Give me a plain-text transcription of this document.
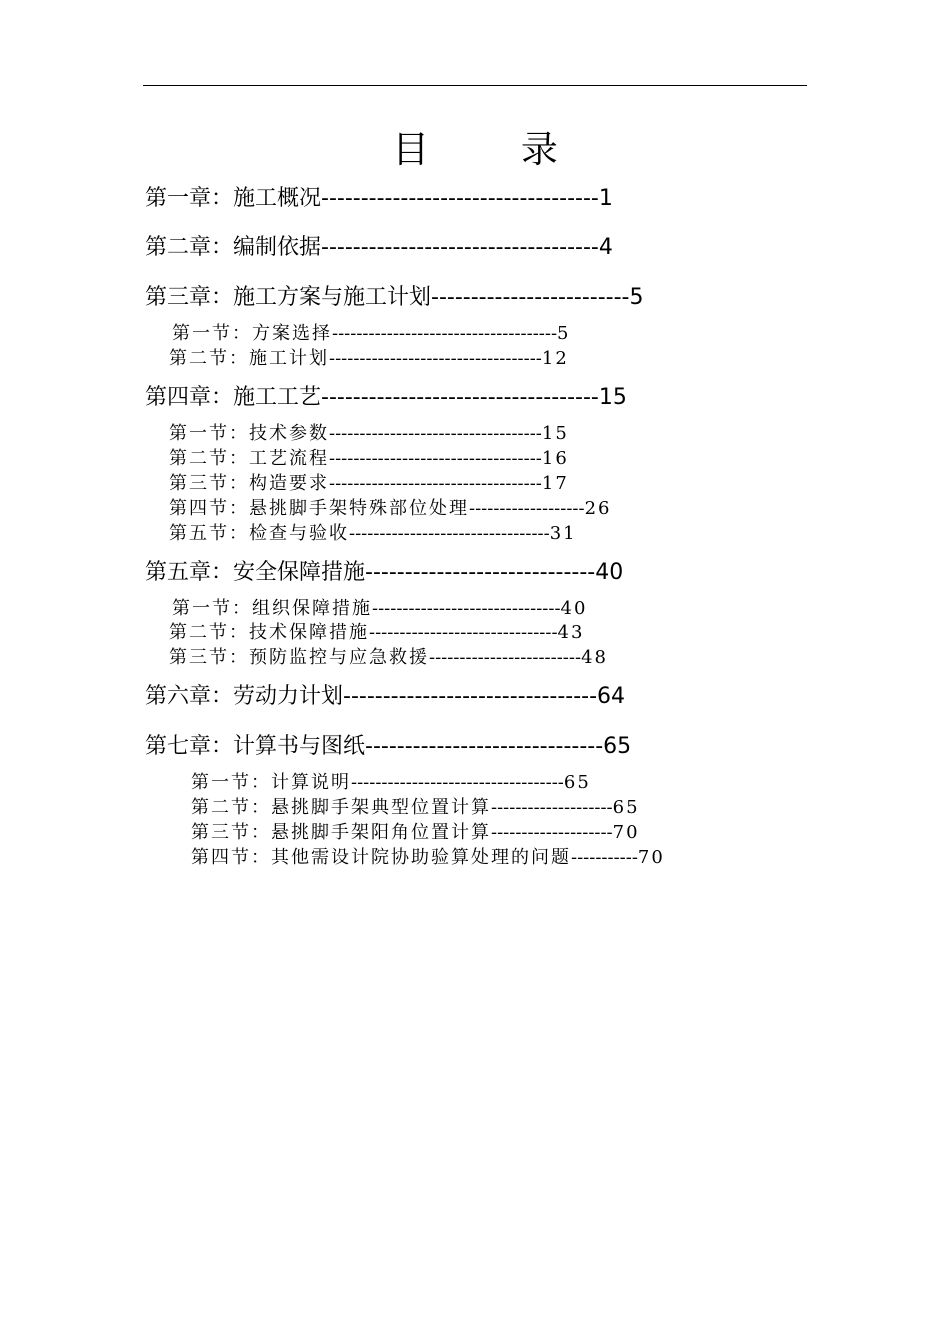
目 录
第一章：施工概况-----------------------------------1
第二章：编制依据-----------------------------------4
第三章：施工方案与施工计划-------------------------5
第一节：方案选择-------------------------------------5
第二节：施工计划-----------------------------------12
第四章：施工工艺-----------------------------------15
第一节：技术参数-----------------------------------15
第二节：工艺流程-----------------------------------16
第三节：构造要求-----------------------------------17
第四节：悬挑脚手架特殊部位处理-------------------26
第五节：检查与验收---------------------------------31
第五章：安全保障措施-----------------------------40
第一节：组织保障措施-------------------------------40
第二节：技术保障措施-------------------------------43
第三节：预防监控与应急救援-------------------------48
第六章：劳动力计划--------------------------------64
第七章：计算书与图纸------------------------------65
第一节：计算说明-----------------------------------65
第二节：悬挑脚手架典型位置计算--------------------65
第三节：悬挑脚手架阳角位置计算--------------------70
第四节：其他需设计院协助验算处理的问题-----------70
